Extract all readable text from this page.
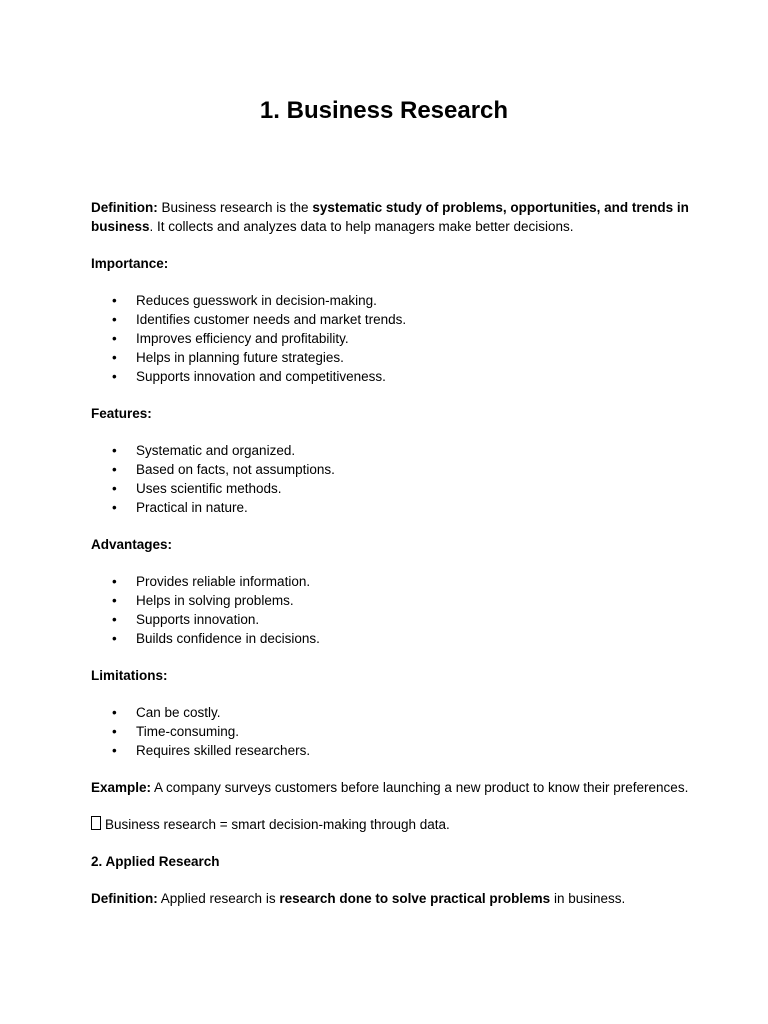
1. Business Research

Definition: Business research is the systematic study of problems, opportunities, and trends in business. It collects and analyzes data to help managers make better decisions.

Importance:

• Reduces guesswork in decision-making.
• Identifies customer needs and market trends.
• Improves efficiency and profitability.
• Helps in planning future strategies.
• Supports innovation and competitiveness.

Features:

• Systematic and organized.
• Based on facts, not assumptions.
• Uses scientific methods.
• Practical in nature.

Advantages:

• Provides reliable information.
• Helps in solving problems.
• Supports innovation.
• Builds confidence in decisions.

Limitations:

• Can be costly.
• Time-consuming.
• Requires skilled researchers.

Example: A company surveys customers before launching a new product to know their preferences.

Business research = smart decision-making through data.

2. Applied Research

Definition: Applied research is research done to solve practical problems in business.
